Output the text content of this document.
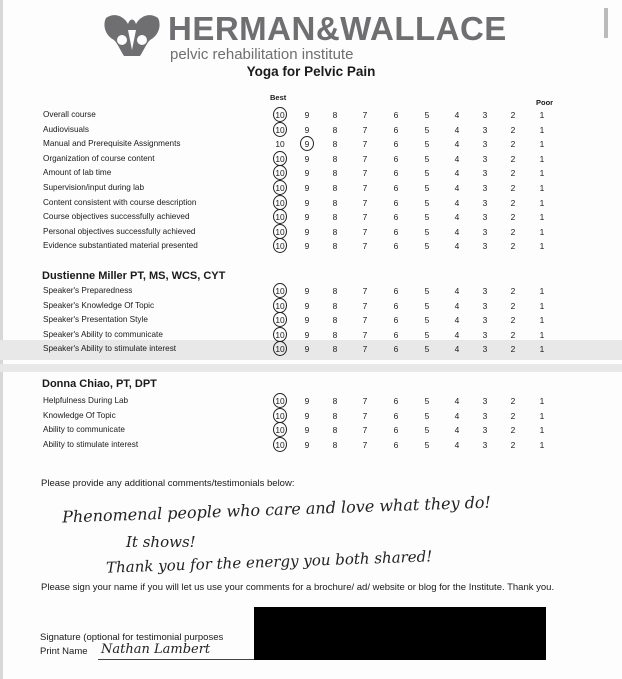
HERMAN&WALLACE
pelvic rehabilitation institute
Yoga for Pelvic Pain
Best
Poor
Overall course	10	9	8	7	6	5	4	3	2	1
Audiovisuals	10	9	8	7	6	5	4	3	2	1
Manual and Prerequisite Assignments	10	9	8	7	6	5	4	3	2	1
Organization of course content	10	9	8	7	6	5	4	3	2	1
Amount of lab time	10	9	8	7	6	5	4	3	2	1
Supervision/input during lab	10	9	8	7	6	5	4	3	2	1
Content consistent with course description	10	9	8	7	6	5	4	3	2	1
Course objectives successfully achieved	10	9	8	7	6	5	4	3	2	1
Personal objectives successfully achieved	10	9	8	7	6	5	4	3	2	1
Evidence substantiated material presented	10	9	8	7	6	5	4	3	2	1
Dustienne Miller PT, MS, WCS, CYT
Speaker's Preparedness	10	9	8	7	6	5	4	3	2	1
Speaker's Knowledge Of Topic	10	9	8	7	6	5	4	3	2	1
Speaker's Presentation Style	10	9	8	7	6	5	4	3	2	1
Speaker's Ability to communicate	10	9	8	7	6	5	4	3	2	1
Speaker's Ability to stimulate interest	10	9	8	7	6	5	4	3	2	1
Donna Chiao, PT, DPT
Helpfulness During Lab	10	9	8	7	6	5	4	3	2	1
Knowledge Of Topic	10	9	8	7	6	5	4	3	2	1
Ability to communicate	10	9	8	7	6	5	4	3	2	1
Ability to stimulate interest	10	9	8	7	6	5	4	3	2	1
Please provide any additional comments/testimonials below:
Phenomenal people who care and love what they do!
It shows!
Thank you for the energy you both shared!
Please sign your name if you will let us use your comments for a brochure/ ad/ website or blog for the Institute. Thank you.
Signature (optional for testimonial purposes
Print Name Nathan Lambert
